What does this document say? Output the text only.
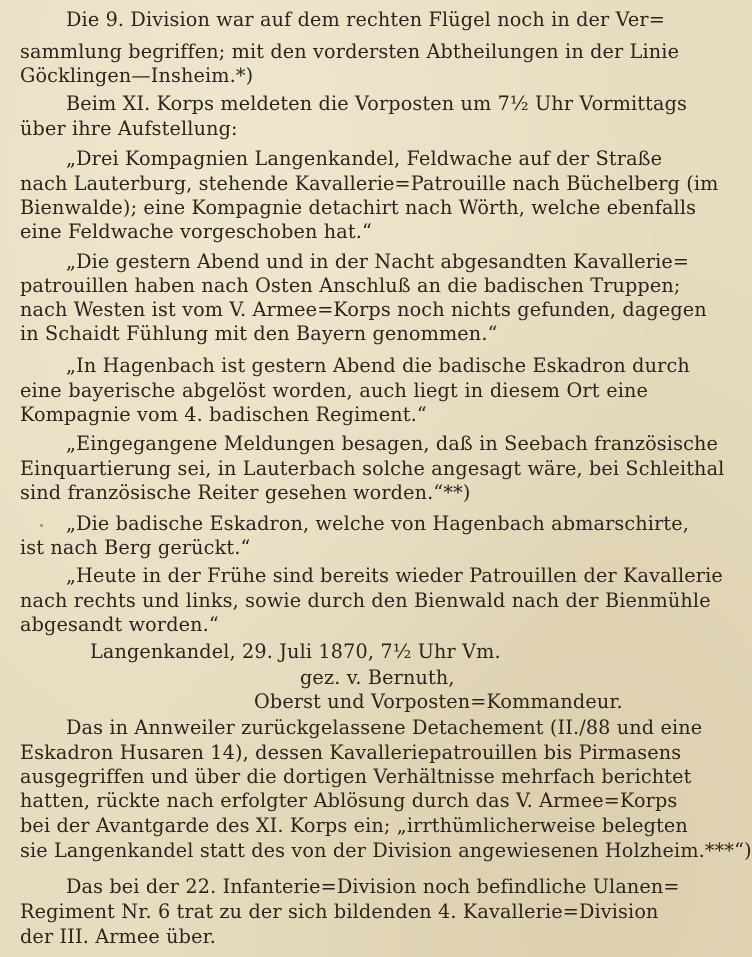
Die 9. Division war auf dem rechten Flügel noch in der Ver=
sammlung begriffen; mit den vordersten Abtheilungen in der Linie
Göcklingen—Insheim.*)
Beim XI. Korps meldeten die Vorposten um 7½ Uhr Vormittags
über ihre Aufstellung:
„Drei Kompagnien Langenkandel, Feldwache auf der Straße
nach Lauterburg, stehende Kavallerie=Patrouille nach Büchelberg (im
Bienwalde); eine Kompagnie detachirt nach Wörth, welche ebenfalls
eine Feldwache vorgeschoben hat.“
„Die gestern Abend und in der Nacht abgesandten Kavallerie=
patrouillen haben nach Osten Anschluß an die badischen Truppen;
nach Westen ist vom V. Armee=Korps noch nichts gefunden, dagegen
in Schaidt Fühlung mit den Bayern genommen.“
„In Hagenbach ist gestern Abend die badische Eskadron durch
eine bayerische abgelöst worden, auch liegt in diesem Ort eine
Kompagnie vom 4. badischen Regiment.“
„Eingegangene Meldungen besagen, daß in Seebach französische
Einquartierung sei, in Lauterbach solche angesagt wäre, bei Schleithal
sind französische Reiter gesehen worden.“**)
„Die badische Eskadron, welche von Hagenbach abmarschirte,
ist nach Berg gerückt.“
„Heute in der Frühe sind bereits wieder Patrouillen der Kavallerie
nach rechts und links, sowie durch den Bienwald nach der Bienmühle
abgesandt worden.“
Langenkandel, 29. Juli 1870, 7½ Uhr Vm.
gez. v. Bernuth,
Oberst und Vorposten=Kommandeur.
Das in Annweiler zurückgelassene Detachement (II./88 und eine
Eskadron Husaren 14), dessen Kavalleriepatrouillen bis Pirmasens
ausgegriffen und über die dortigen Verhältnisse mehrfach berichtet
hatten, rückte nach erfolgter Ablösung durch das V. Armee=Korps
bei der Avantgarde des XI. Korps ein; „irrthümlicherweise belegten
sie Langenkandel statt des von der Division angewiesenen Holzheim.***“)
Das bei der 22. Infanterie=Division noch befindliche Ulanen=
Regiment Nr. 6 trat zu der sich bildenden 4. Kavallerie=Division
der III. Armee über.
